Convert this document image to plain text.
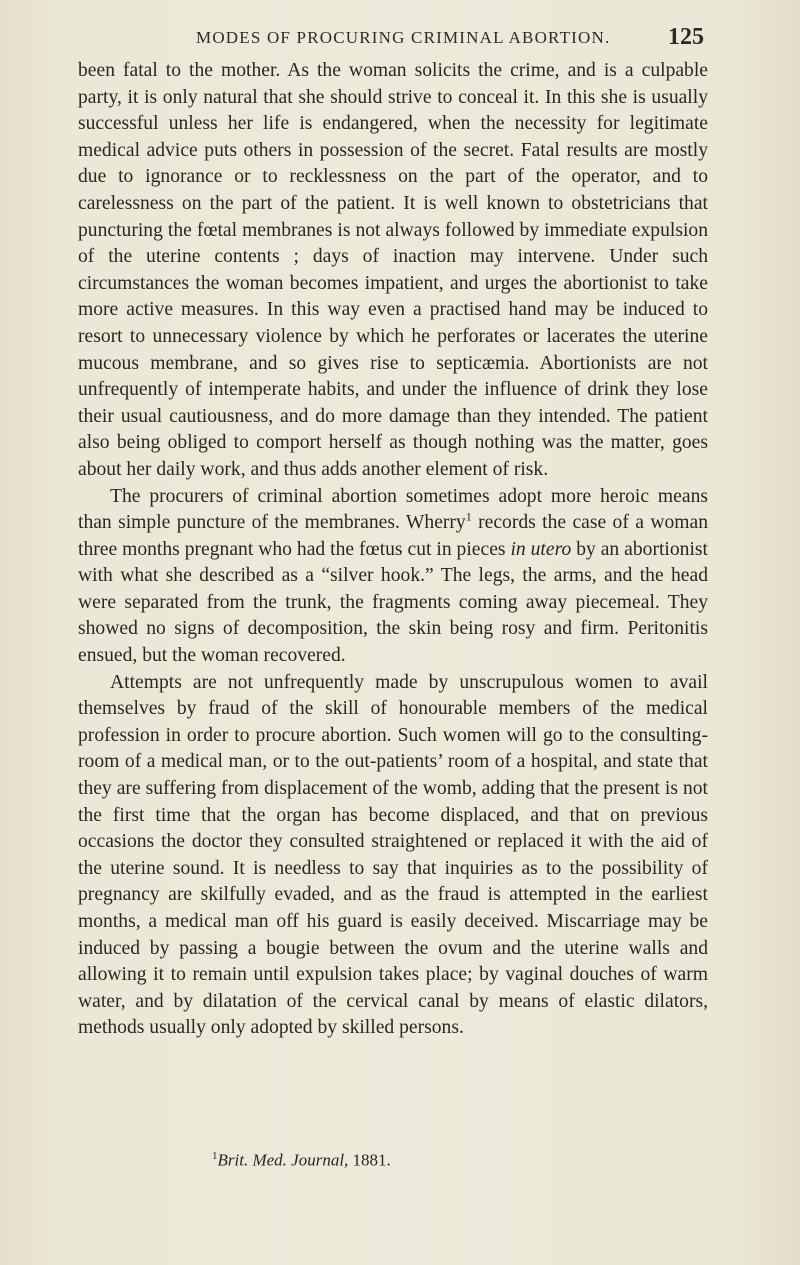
MODES OF PROCURING CRIMINAL ABORTION.	125

been fatal to the mother. As the woman solicits the crime, and is a culpable party, it is only natural that she should strive to conceal it. In this she is usually successful unless her life is endangered, when the necessity for legitimate medical advice puts others in possession of the secret. Fatal results are mostly due to ignorance or to recklessness on the part of the operator, and to carelessness on the part of the patient. It is well known to obstetricians that puncturing the fœtal membranes is not always followed by immediate expulsion of the uterine contents ; days of inaction may intervene. Under such circumstances the woman becomes impatient, and urges the abortionist to take more active measures. In this way even a practised hand may be induced to resort to unnecessary violence by which he perforates or lacerates the uterine mucous membrane, and so gives rise to septicæmia. Abortionists are not unfrequently of intemperate habits, and under the influence of drink they lose their usual cautiousness, and do more damage than they intended. The patient also being obliged to comport herself as though nothing was the matter, goes about her daily work, and thus adds another element of risk.

The procurers of criminal abortion sometimes adopt more heroic means than simple puncture of the membranes. Wherry$^1$ records the case of a woman three months pregnant who had the fœtus cut in pieces in utero by an abortionist with what she described as a “silver hook.” The legs, the arms, and the head were separated from the trunk, the fragments coming away piecemeal. They showed no signs of decomposition, the skin being rosy and firm. Peritonitis ensued, but the woman recovered.

Attempts are not unfrequently made by unscrupulous women to avail themselves by fraud of the skill of honourable members of the medical profession in order to procure abortion. Such women will go to the consulting-room of a medical man, or to the out-patients’ room of a hospital, and state that they are suffering from displacement of the womb, adding that the present is not the first time that the organ has become displaced, and that on previous occasions the doctor they consulted straightened or replaced it with the aid of the uterine sound. It is needless to say that inquiries as to the possibility of pregnancy are skilfully evaded, and as the fraud is attempted in the earliest months, a medical man off his guard is easily deceived. Miscarriage may be induced by passing a bougie between the ovum and the uterine walls and allowing it to remain until expulsion takes place; by vaginal douches of warm water, and by dilatation of the cervical canal by means of elastic dilators, methods usually only adopted by skilled persons.

$^1$Brit. Med. Journal, 1881.
